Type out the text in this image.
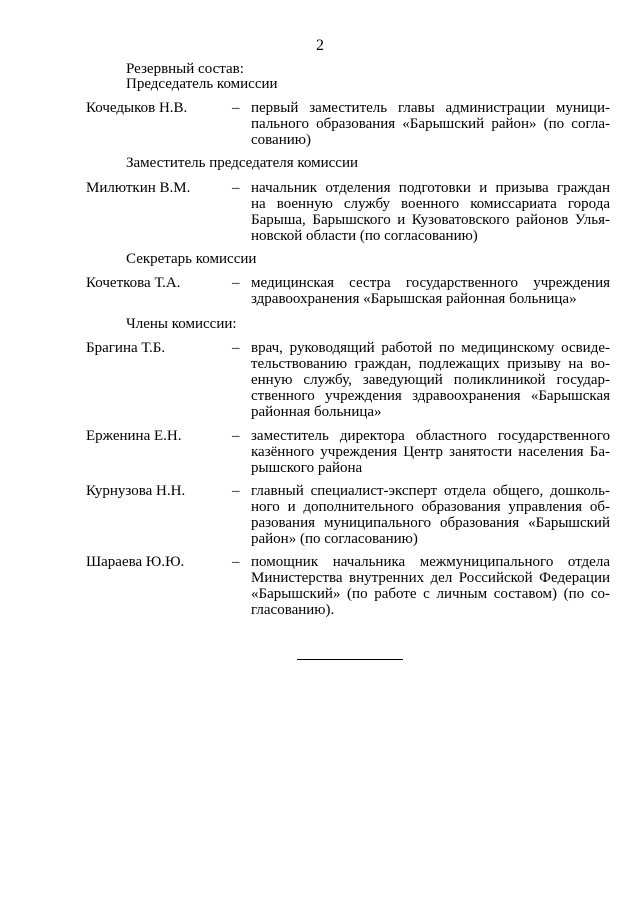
2
Резервный состав:
Председатель комиссии
Кочедыков Н.В.	– первый заместитель главы администрации муници-
пального образования «Барышский район» (по согла-
сованию)
Заместитель председателя комиссии
Милюткин В.М.	– начальник отделения подготовки и призыва граждан
на военную службу военного комиссариата города
Барыша, Барышского и Кузоватовского районов Улья-
новской области (по согласованию)
Секретарь комиссии
Кочеткова Т.А.	– медицинская сестра государственного учреждения
здравоохранения «Барышская районная больница»
Члены комиссии:
Брагина Т.Б.	– врач, руководящий работой по медицинскому освиде-
тельствованию граждан, подлежащих призыву на во-
енную службу, заведующий поликлиникой государ-
ственного учреждения здравоохранения «Барышская
районная больница»
Ерженина Е.Н.	– заместитель директора областного государственного
казённого учреждения Центр занятости населения Ба-
рышского района
Курнузова Н.Н.	– главный специалист-эксперт отдела общего, дошколь-
ного и дополнительного образования управления об-
разования муниципального образования «Барышский
район» (по согласованию)
Шараева Ю.Ю.	– помощник начальника межмуниципального отдела
Министерства внутренних дел Российской Федерации
«Барышский» (по работе с личным составом) (по со-
гласованию).
